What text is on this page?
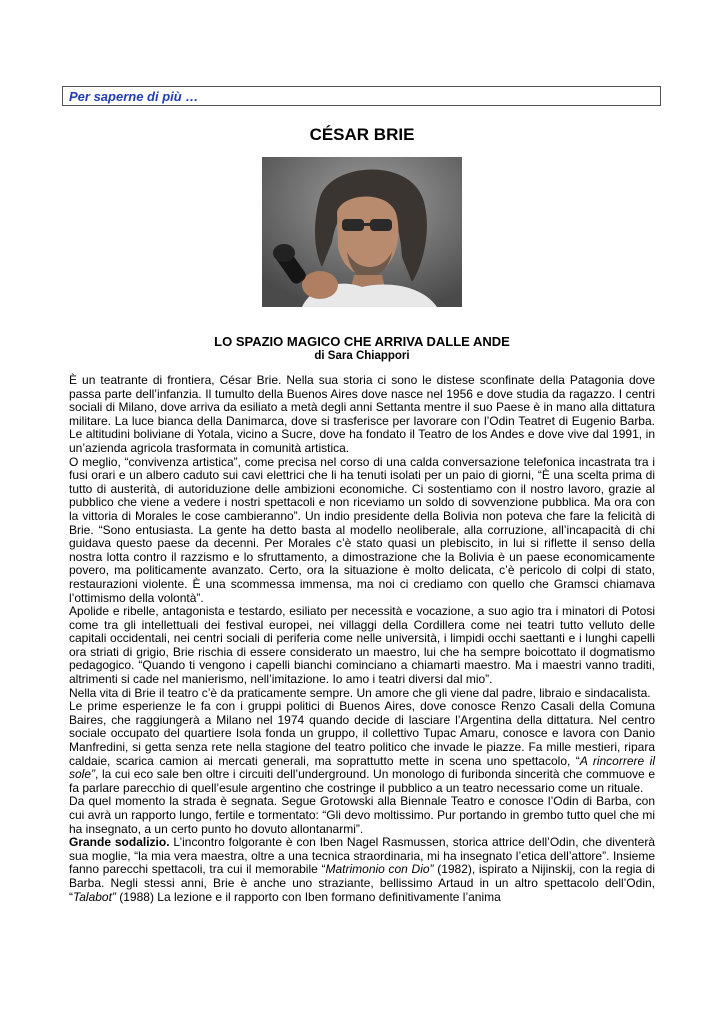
Per saperne di più …
CÉSAR BRIE
LO SPAZIO MAGICO CHE ARRIVA DALLE ANDE
di Sara Chiappori

È un teatrante di frontiera, César Brie. Nella sua storia ci sono le distese sconfinate della Patagonia dove passa parte dell’infanzia. Il tumulto della Buenos Aires dove nasce nel 1956 e dove studia da ragazzo. I centri sociali di Milano, dove arriva da esiliato a metà degli anni Settanta mentre il suo Paese è in mano alla dittatura militare. La luce bianca della Danimarca, dove si trasferisce per lavorare con l’Odin Teatret di Eugenio Barba. Le altitudini boliviane di Yotala, vicino a Sucre, dove ha fondato il Teatro de los Andes e dove vive dal 1991, in un’azienda agricola trasformata in comunità artistica.

O meglio, “convivenza artistica”, come precisa nel corso di una calda conversazione telefonica incastrata tra i fusi orari e un albero caduto sui cavi elettrici che li ha tenuti isolati per un paio di giorni, “È una scelta prima di tutto di austerità, di autoriduzione delle ambizioni economiche. Ci sostentiamo con il nostro lavoro, grazie al pubblico che viene a vedere i nostri spettacoli e non riceviamo un soldo di sovvenzione pubblica. Ma ora con la vittoria di Morales le cose cambieranno”. Un indio presidente della Bolivia non poteva che fare la felicità di Brie. “Sono entusiasta. La gente ha detto basta al modello neoliberale, alla corruzione, all’incapacità di chi guidava questo paese da decenni. Per Morales c’è stato quasi un plebiscito, in lui si riflette il senso della nostra lotta contro il razzismo e lo sfruttamento, a dimostrazione che la Bolivia è un paese economicamente povero, ma politicamente avanzato. Certo, ora la situazione è molto delicata, c’è pericolo di colpi di stato, restaurazioni violente. È una scommessa immensa, ma noi ci crediamo con quello che Gramsci chiamava l’ottimismo della volontà”.

Apolide e ribelle, antagonista e testardo, esiliato per necessità e vocazione, a suo agio tra i minatori di Potosi come tra gli intellettuali dei festival europei, nei villaggi della Cordillera come nei teatri tutto velluto delle capitali occidentali, nei centri sociali di periferia come nelle università, i limpidi occhi saettanti e i lunghi capelli ora striati di grigio, Brie rischia di essere considerato un maestro, lui che ha sempre boicottato il dogmatismo pedagogico. “Quando ti vengono i capelli bianchi cominciano a chiamarti maestro. Ma i maestri vanno traditi, altrimenti si cade nel manierismo, nell’imitazione. Io amo i teatri diversi dal mio”.

Nella vita di Brie il teatro c’è da praticamente sempre. Un amore che gli viene dal padre, libraio e sindacalista.

Le prime esperienze le fa con i gruppi politici di Buenos Aires, dove conosce Renzo Casali della Comuna Baires, che raggiungerà a Milano nel 1974 quando decide di lasciare l’Argentina della dittatura. Nel centro sociale occupato del quartiere Isola fonda un gruppo, il collettivo Tupac Amaru, conosce e lavora con Danio Manfredini, si getta senza rete nella stagione del teatro politico che invade le piazze. Fa mille mestieri, ripara caldaie, scarica camion ai mercati generali, ma soprattutto mette in scena uno spettacolo, “A rincorrere il sole”, la cui eco sale ben oltre i circuiti dell’underground. Un monologo di furibonda sincerità che commuove e fa parlare parecchio di quell’esule argentino che costringe il pubblico a un teatro necessario come un rituale.

Da quel momento la strada è segnata. Segue Grotowski alla Biennale Teatro e conosce l’Odin di Barba, con cui avrà un rapporto lungo, fertile e tormentato: “Gli devo moltissimo. Pur portando in grembo tutto quel che mi ha insegnato, a un certo punto ho dovuto allontanarmi”.

Grande sodalizio. L’incontro folgorante è con Iben Nagel Rasmussen, storica attrice dell’Odin, che diventerà sua moglie, “la mia vera maestra, oltre a una tecnica straordinaria, mi ha insegnato l’etica dell’attore”. Insieme fanno parecchi spettacoli, tra cui il memorabile “Matrimonio con Dio” (1982), ispirato a Nijinskij, con la regia di Barba. Negli stessi anni, Brie è anche uno straziante, bellissimo Artaud in un altro spettacolo dell’Odin, “Talabot” (1988) La lezione e il rapporto con Iben formano definitivamente l’anima
